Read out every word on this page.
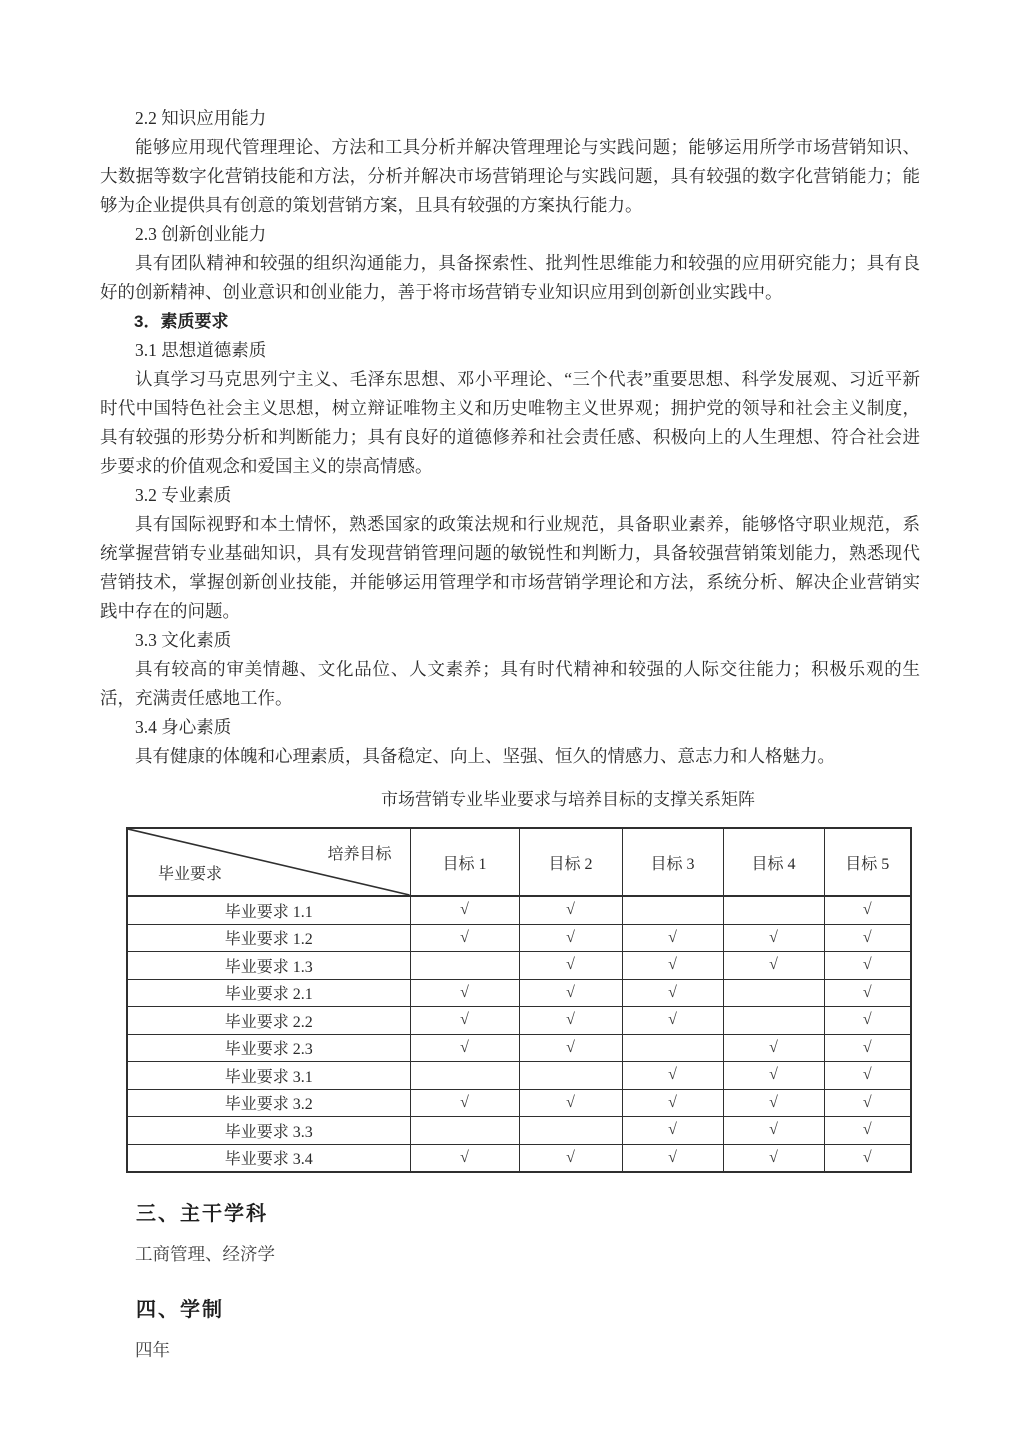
2.2 知识应用能力

能够应用现代管理理论、方法和工具分析并解决管理理论与实践问题；能够运用所学市场营销知识、大数据等数字化营销技能和方法，分析并解决市场营销理论与实践问题，具有较强的数字化营销能力；能够为企业提供具有创意的策划营销方案，且具有较强的方案执行能力。

2.3 创新创业能力

具有团队精神和较强的组织沟通能力，具备探索性、批判性思维能力和较强的应用研究能力；具有良好的创新精神、创业意识和创业能力，善于将市场营销专业知识应用到创新创业实践中。

3．素质要求

3.1 思想道德素质

认真学习马克思列宁主义、毛泽东思想、邓小平理论、“三个代表”重要思想、科学发展观、习近平新时代中国特色社会主义思想，树立辩证唯物主义和历史唯物主义世界观；拥护党的领导和社会主义制度，具有较强的形势分析和判断能力；具有良好的道德修养和社会责任感、积极向上的人生理想、符合社会进步要求的价值观念和爱国主义的崇高情感。

3.2 专业素质

具有国际视野和本土情怀，熟悉国家的政策法规和行业规范，具备职业素养，能够恪守职业规范，系统掌握营销专业基础知识，具有发现营销管理问题的敏锐性和判断力，具备较强营销策划能力，熟悉现代营销技术，掌握创新创业技能，并能够运用管理学和市场营销学理论和方法，系统分析、解决企业营销实践中存在的问题。

3.3 文化素质

具有较高的审美情趣、文化品位、人文素养；具有时代精神和较强的人际交往能力；积极乐观的生活，充满责任感地工作。

3.4 身心素质

具有健康的体魄和心理素质，具备稳定、向上、坚强、恒久的情感力、意志力和人格魅力。

市场营销专业毕业要求与培养目标的支撑关系矩阵
培养目标
毕业要求	目标 1	目标 2	目标 3	目标 4	目标 5
毕业要求 1.1	√	√			√
毕业要求 1.2	√	√	√	√	√
毕业要求 1.3		√	√	√	√
毕业要求 2.1	√	√	√		√
毕业要求 2.2	√	√	√		√
毕业要求 2.3	√	√		√	√
毕业要求 3.1			√	√	√
毕业要求 3.2	√	√	√	√	√
毕业要求 3.3			√	√	√
毕业要求 3.4	√	√	√	√	√
三、主干学科

工商管理、经济学

四、学制

四年
